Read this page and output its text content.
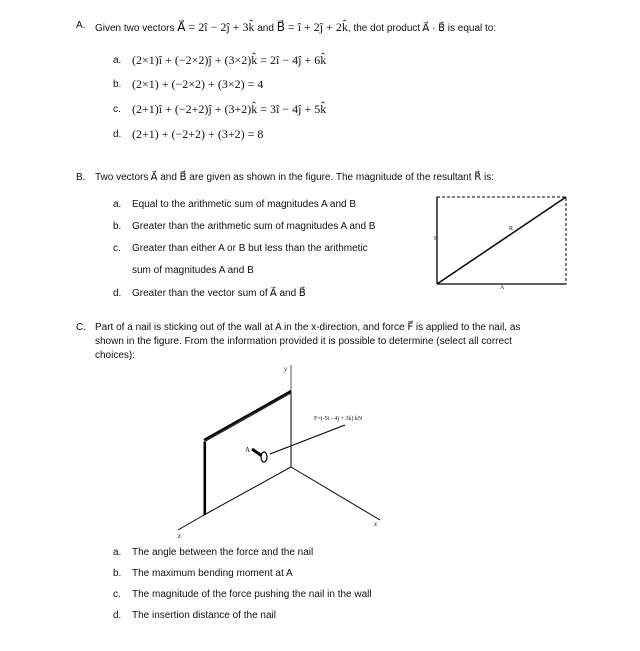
A. Given two vectors A⃗ = 2î − 2ĵ + 3k̂ and B⃗ = î + 2ĵ + 2k̂, the dot product A⃗ · B⃗ is equal to:
a. (2×1)î + (−2×2)ĵ + (3×2)k̂ = 2î − 4ĵ + 6k̂
b. (2×1) + (−2×2) + (3×2) = 4
c. (2+1)î + (−2+2)ĵ + (3+2)k̂ = 3î − 4ĵ + 5k̂
d. (2+1) + (−2+2) + (3+2) = 8
B. Two vectors A⃗ and B⃗ are given as shown in the figure. The magnitude of the resultant R⃗ is:
a. Equal to the arithmetic sum of magnitudes A and B
b. Greater than the arithmetic sum of magnitudes A and B
c. Greater than either A or B but less than the arithmetic
sum of magnitudes A and B
d. Greater than the vector sum of A⃗ and B⃗
B
R
A
C. Part of a nail is sticking out of the wall at A in the x-direction, and force F⃗ is applied to the nail, as
shown in the figure. From the information provided it is possible to determine (select all correct
choices):
y
x
z
A
F=(-5i - 4j + 3k) kN
a. The angle between the force and the nail
b. The maximum bending moment at A
c. The magnitude of the force pushing the nail in the wall
d. The insertion distance of the nail
